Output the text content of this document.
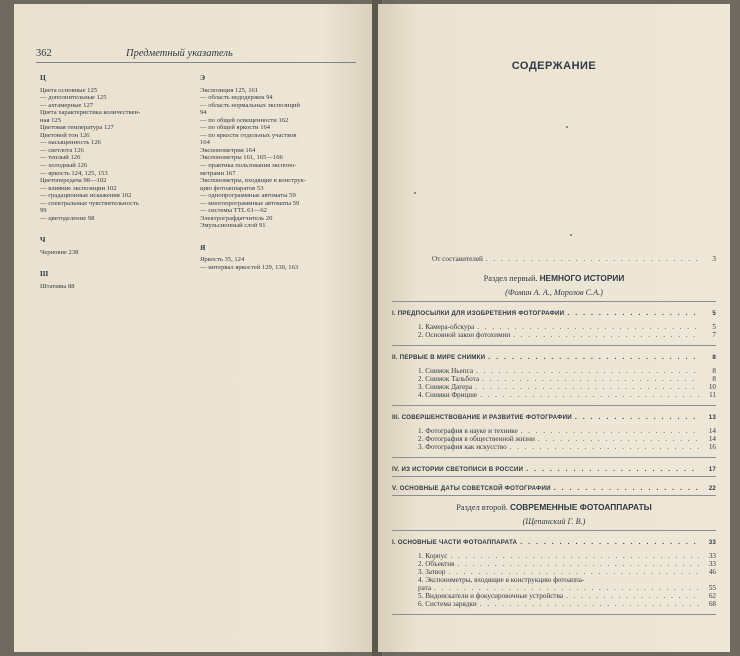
362	Предметный указатель
Ц
Цвета основные 125
— дополнительные 125
— ахтамерные 127
Цвета характеристика количествен-
ная 125
Цветовая температура 127
Цветовой тон 126
— насыщенность 126
— светлота 126
— теплый 126
— холодный 126
— яркость 124, 125, 153
Цветопередача 98—102
— влияние экспозиции 102
— градационные искажения 102
— спектральные чувствительность
99
— цветоделение 98
Ч
Черновне 238
Ш
Штативы 88
Э
Экспозиция 125, 161
— область недодержек 94
— область нормальных экспозиций
94
— по общей освещенности 162
— по общей яркости 164
— по яркости отдельных участков
164
Экспонометрия 164
Экспонометры 161, 165—166
— практика пользования экспоно-
метрами 167
Экспонометры, входящие в конструк-
цию фотоаппаратов 53
— однопрограммные автоматы 59
— многопрограммные автоматы 59
— системы TTL 61—62
Электрографдатчитель 20
Эмульсионный слой 91
Я
Яркость 35, 124
— интервал яркостей 129, 130, 163
СОДЕРЖАНИЕ
От составителей . . .	3
Раздел первый. НЕМНОГО ИСТОРИИ
(Фомин А. А., Морозов С.А.)
I. ПРЕДПОСЫЛКИ ДЛЯ ИЗОБРЕТЕНИЯ ФОТОГРАФИИ . . .	5
1. Камера-обскура . . .	5
2. Основной закон фотохимии . . .	7
II. ПЕРВЫЕ В МИРЕ СНИМКИ . . .	8
1. Снимок Ньепса . . .	8
2. Снимок Тальбота . . .	8
3. Снимок Дагера . . .	10
4. Снимки Фрицше . . .	11
III. СОВЕРШЕНСТВОВАНИЕ И РАЗВИТИЕ ФОТОГРАФИИ . . .	13
1. Фотография в науке и технике . . .	14
2. Фотография в общественной жизни . . .	14
3. Фотография как искусство . . .	16
IV. ИЗ ИСТОРИИ СВЕТОПИСИ В РОССИИ . . .	17
V. ОСНОВНЫЕ ДАТЫ СОВЕТСКОЙ ФОТОГРАФИИ . . .	22
Раздел второй. СОВРЕМЕННЫЕ ФОТОАППАРАТЫ
(Щепанский Г. В.)
I. ОСНОВНЫЕ ЧАСТИ ФОТОАППАРАТА . . .	33
1. Корпус . . .	33
2. Объектив . . .	33
3. Затвор . . .	46
4. Экспонометры, входящие в конструкцию фотоаппа-
рата . . .	55
5. Видоискатели и фокусировочные устройства . . .	62
6. Система зарядки . . .	68
